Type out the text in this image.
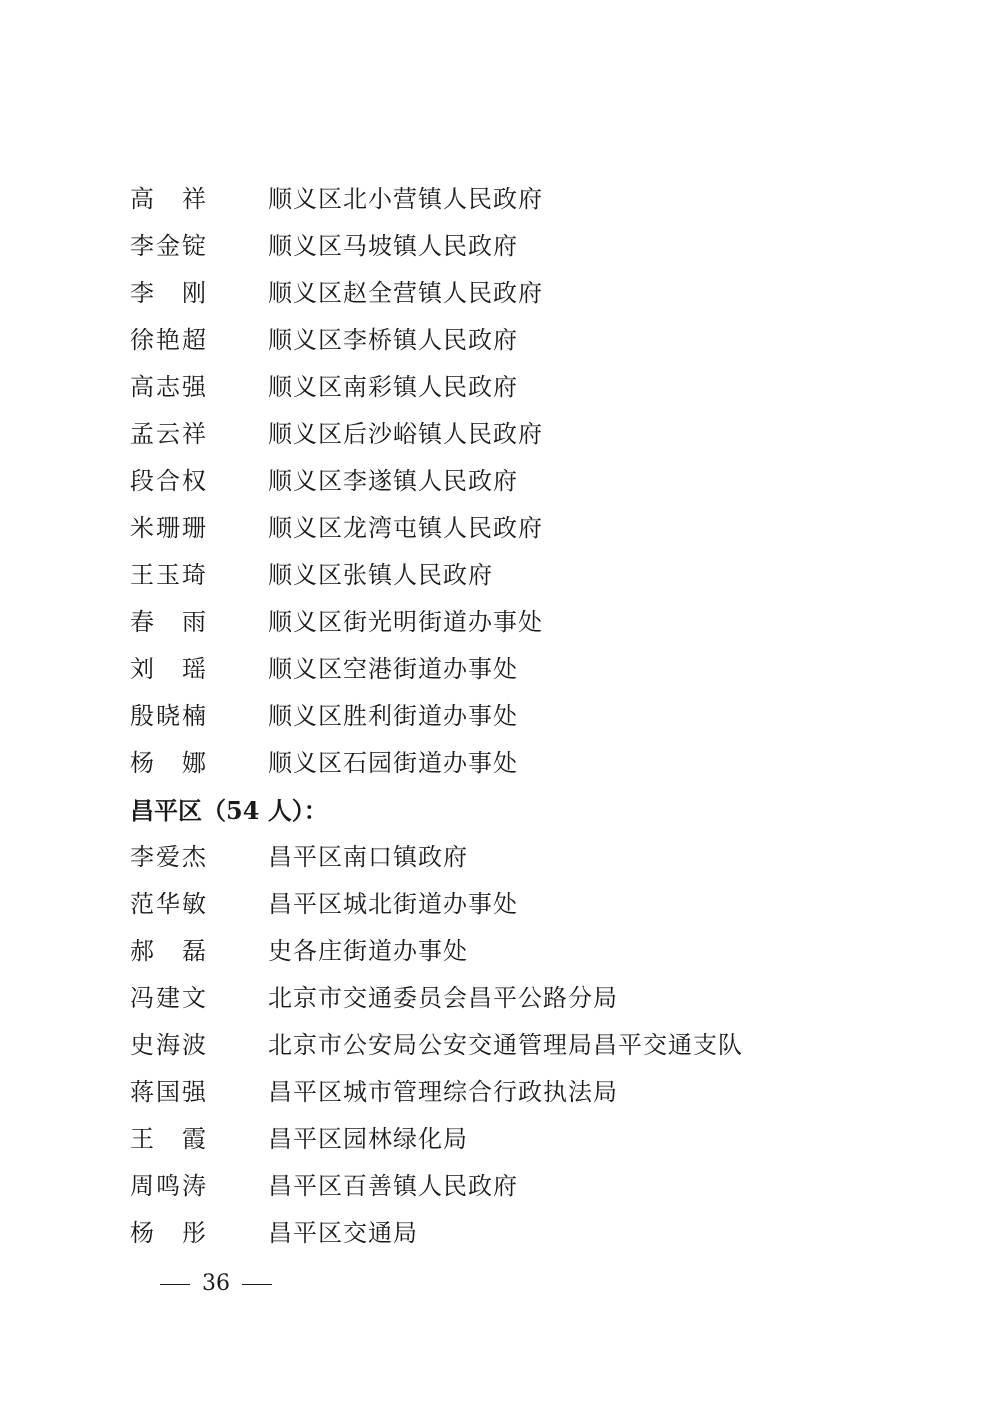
高祥	顺义区北小营镇人民政府
李金锭	顺义区马坡镇人民政府
李刚	顺义区赵全营镇人民政府
徐艳超	顺义区李桥镇人民政府
高志强	顺义区南彩镇人民政府
孟云祥	顺义区后沙峪镇人民政府
段合权	顺义区李遂镇人民政府
米珊珊	顺义区龙湾屯镇人民政府
王玉琦	顺义区张镇人民政府
春雨	顺义区街光明街道办事处
刘瑶	顺义区空港街道办事处
殷晓楠	顺义区胜利街道办事处
杨娜	顺义区石园街道办事处
昌平区（54 人）：
李爱杰	昌平区南口镇政府
范华敏	昌平区城北街道办事处
郝磊	史各庄街道办事处
冯建文	北京市交通委员会昌平公路分局
史海波	北京市公安局公安交通管理局昌平交通支队
蒋国强	昌平区城市管理综合行政执法局
王霞	昌平区园林绿化局
周鸣涛	昌平区百善镇人民政府
杨彤	昌平区交通局
36
